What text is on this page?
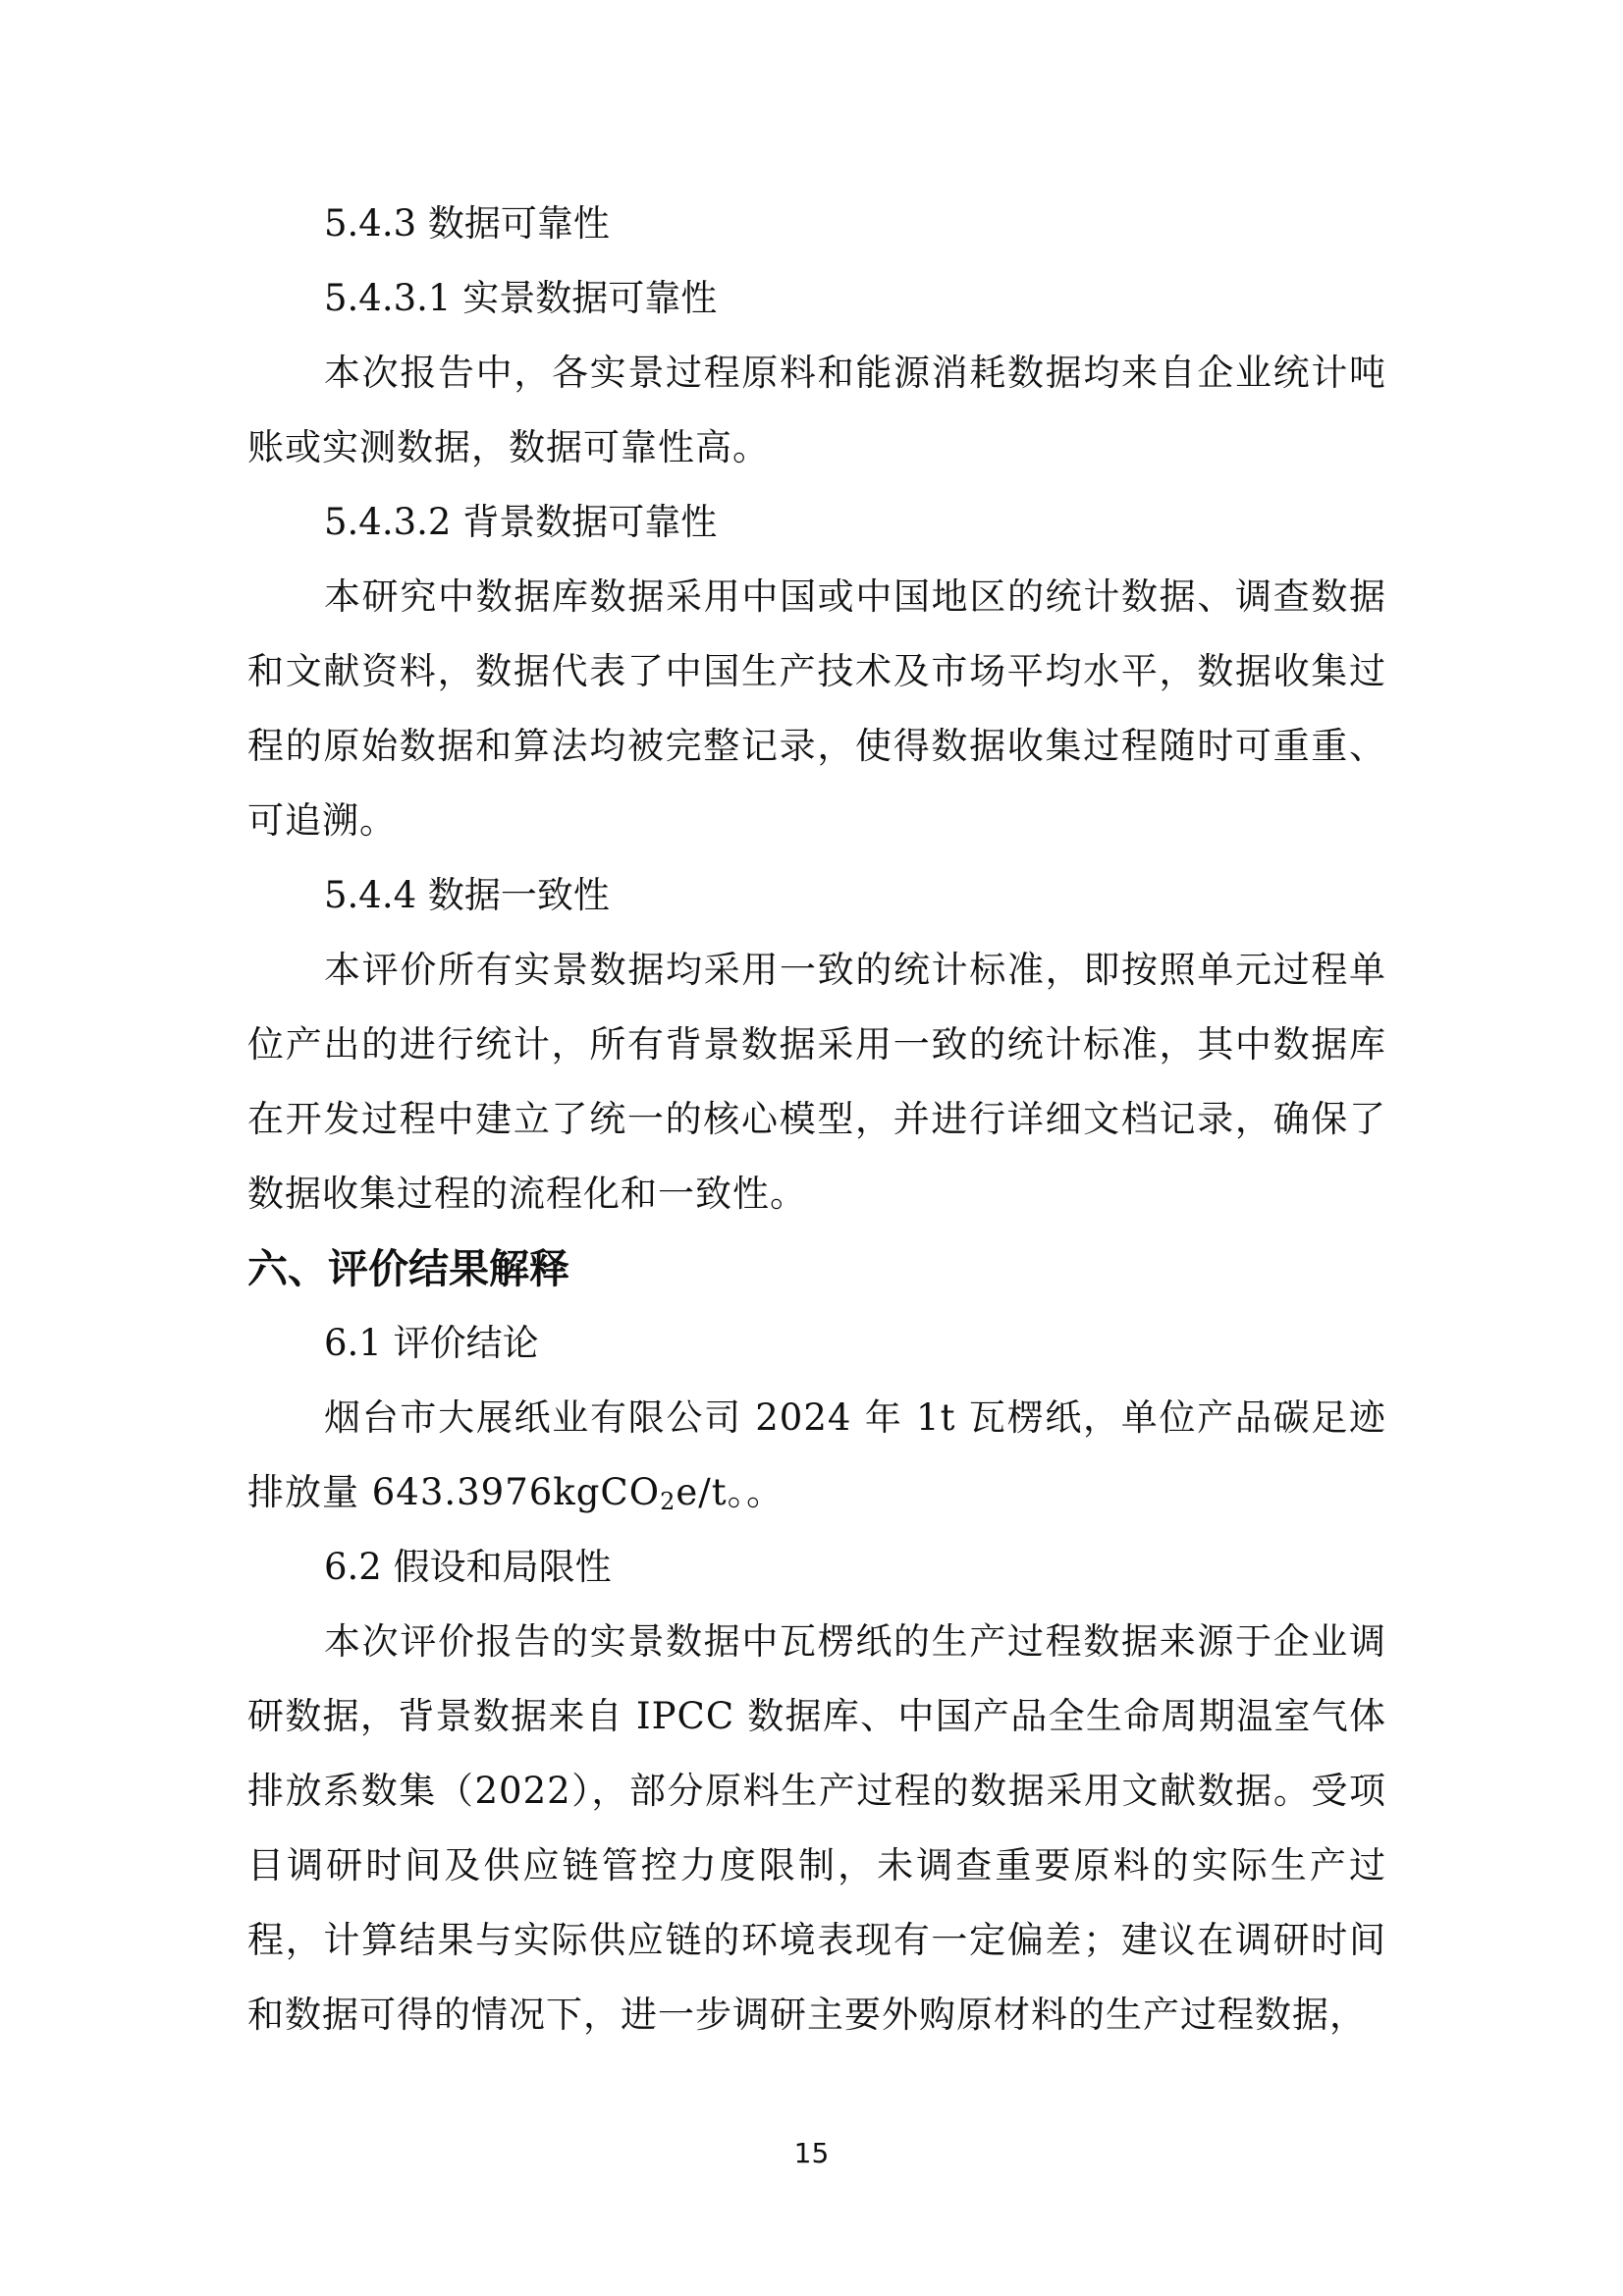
5.4.3 数据可靠性
5.4.3.1 实景数据可靠性
本次报告中，各实景过程原料和能源消耗数据均来自企业统计吨账或实测数据，数据可靠性高。
5.4.3.2 背景数据可靠性
本研究中数据库数据采用中国或中国地区的统计数据、调查数据和文献资料，数据代表了中国生产技术及市场平均水平，数据收集过程的原始数据和算法均被完整记录，使得数据收集过程随时可重重、可追溯。
5.4.4 数据一致性
本评价所有实景数据均采用一致的统计标准，即按照单元过程单位产出的进行统计，所有背景数据采用一致的统计标准，其中数据库在开发过程中建立了统一的核心模型，并进行详细文档记录，确保了数据收集过程的流程化和一致性。
六、评价结果解释
6.1 评价结论
烟台市大展纸业有限公司 2024 年 1t 瓦楞纸，单位产品碳足迹排放量 643.3976kgCO$_2$e/t。。
6.2 假设和局限性
本次评价报告的实景数据中瓦楞纸的生产过程数据来源于企业调研数据，背景数据来自 IPCC 数据库、中国产品全生命周期温室气体排放系数集（2022），部分原料生产过程的数据采用文献数据。受项目调研时间及供应链管控力度限制，未调查重要原料的实际生产过程，计算结果与实际供应链的环境表现有一定偏差；建议在调研时间和数据可得的情况下，进一步调研主要外购原材料的生产过程数据，
15
